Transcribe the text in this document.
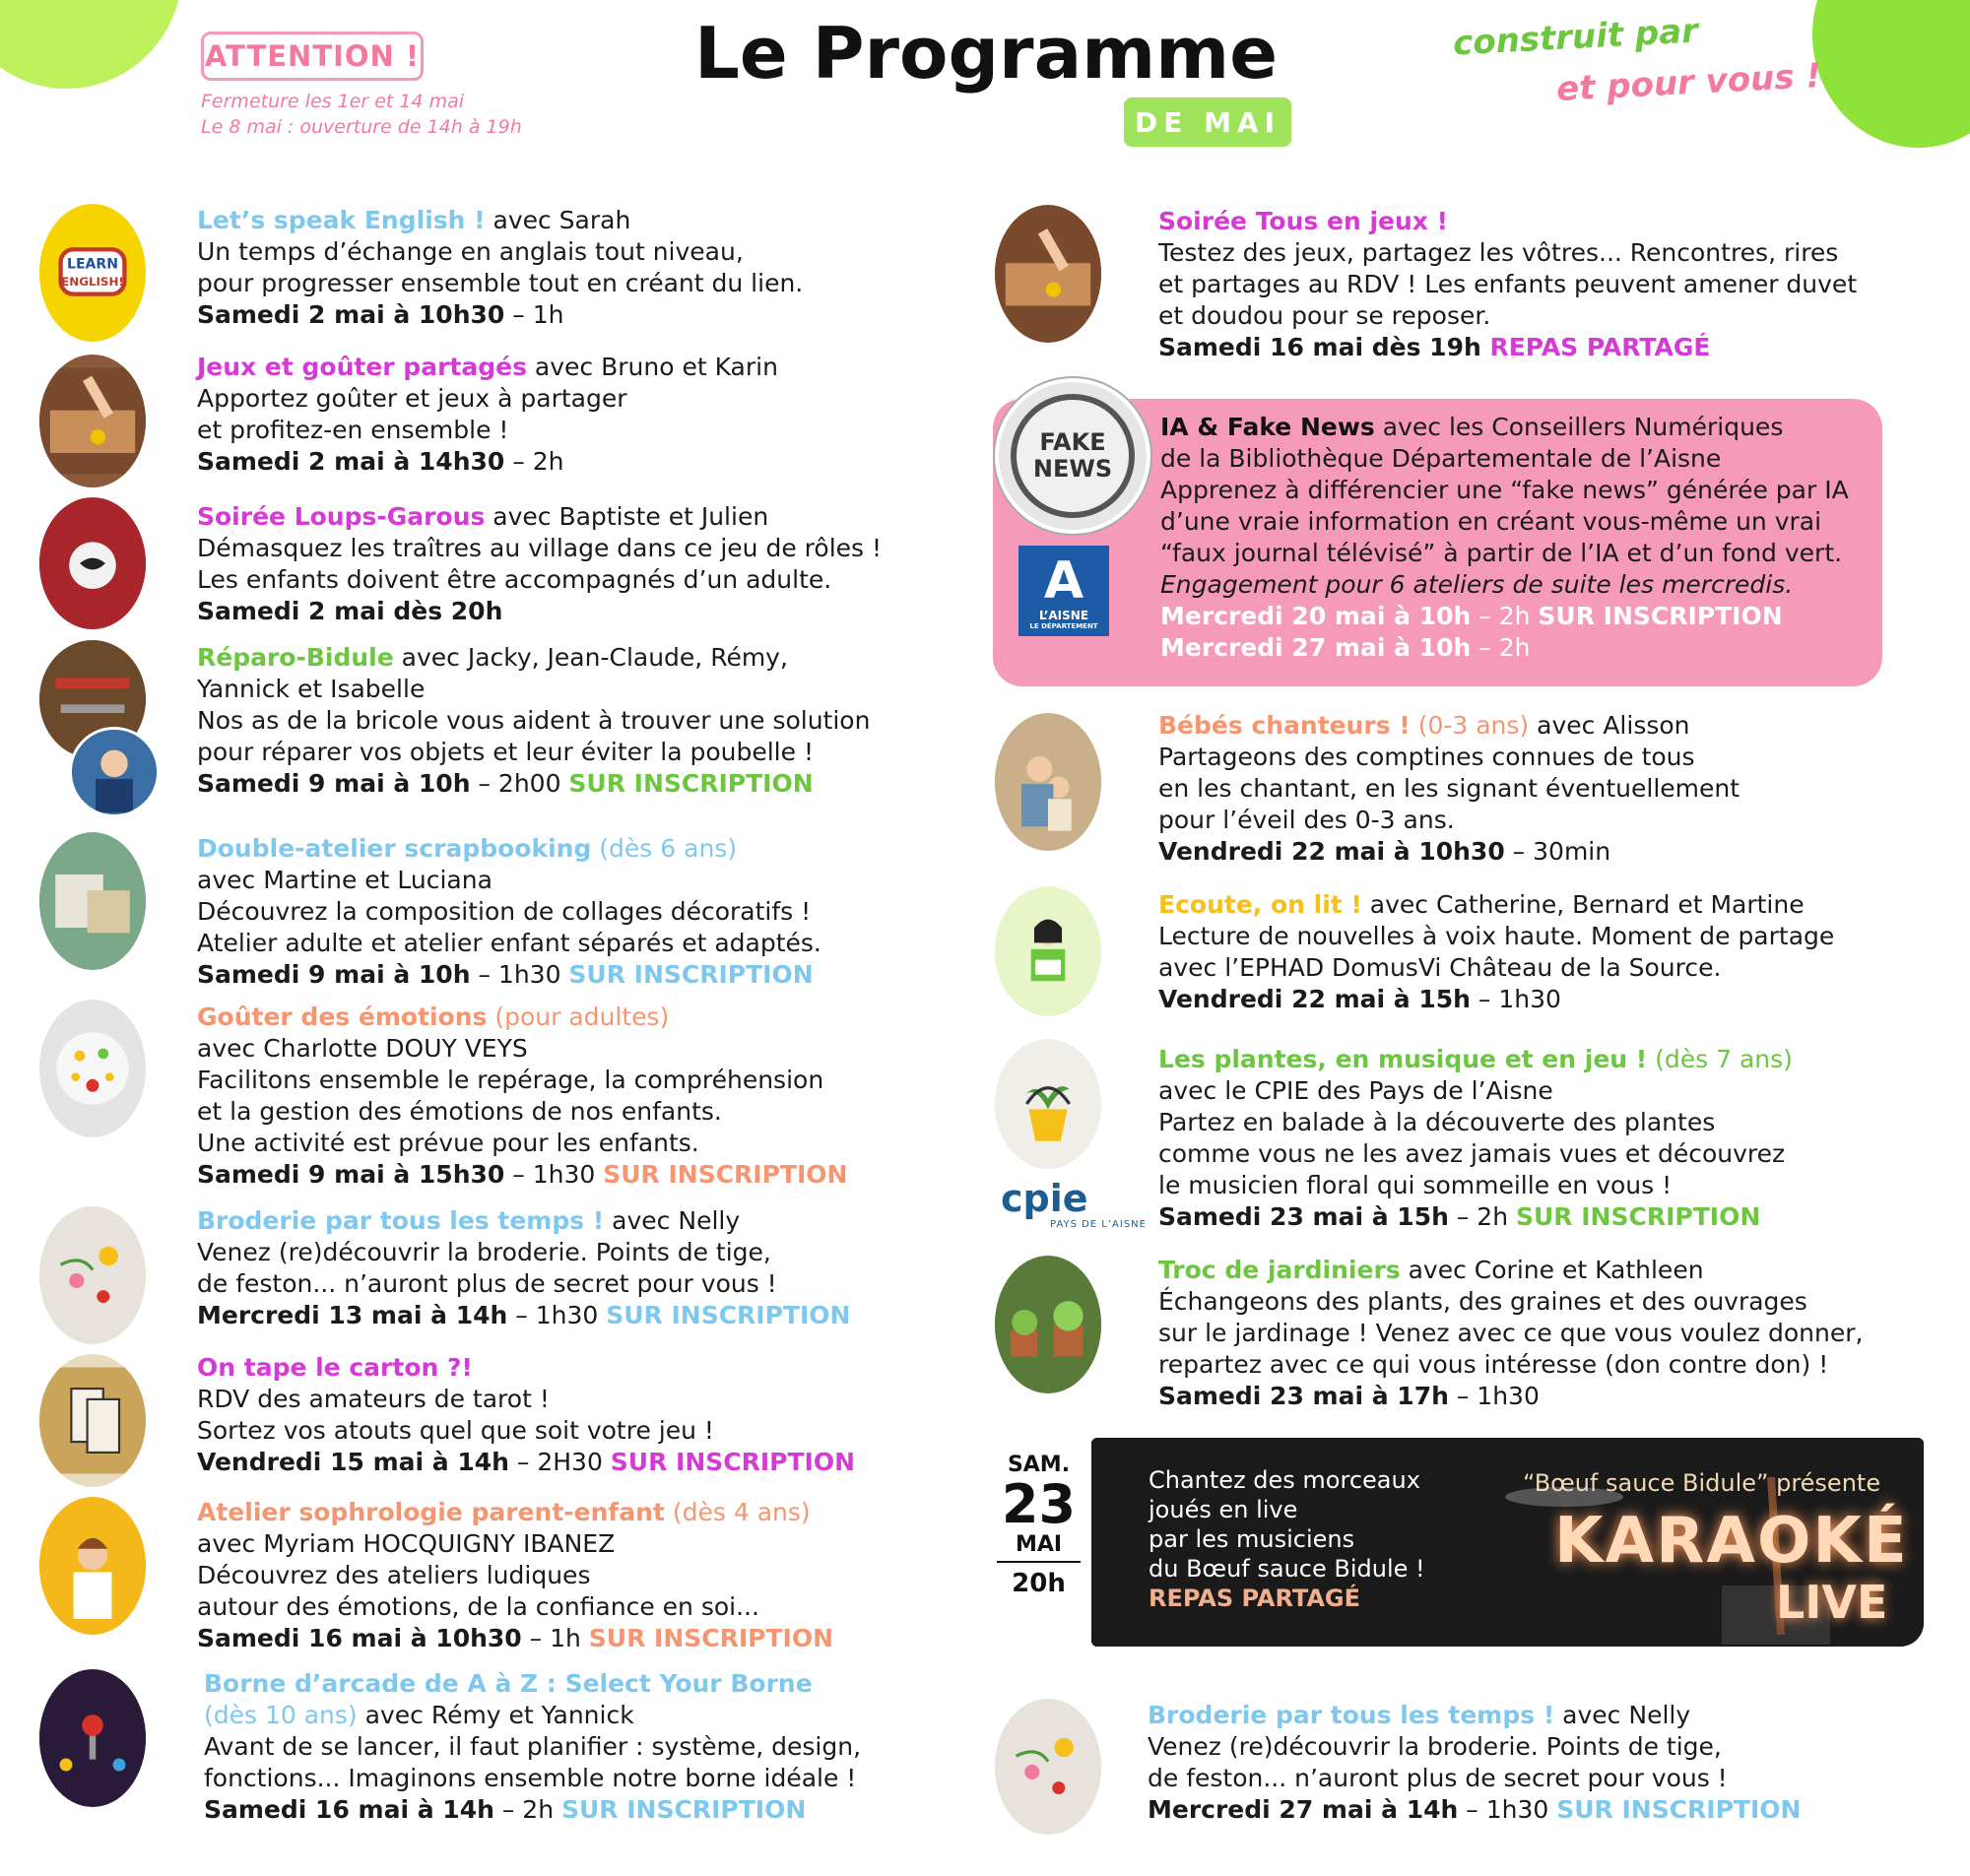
ATTENTION !
Fermeture les 1er et 14 mai
Le 8 mai : ouverture de 14h à 19h
Le Programme
DE MAI
construit par
et pour vous !
LEARN
ENGLISH!
Let’s speak English ! avec Sarah
Un temps d’échange en anglais tout niveau,
pour progresser ensemble tout en créant du lien.
Samedi 2 mai à 10h30 – 1h
Jeux et goûter partagés avec Bruno et Karin
Apportez goûter et jeux à partager
et profitez-en ensemble !
Samedi 2 mai à 14h30 – 2h
Soirée Loups-Garous avec Baptiste et Julien
Démasquez les traîtres au village dans ce jeu de rôles !
Les enfants doivent être accompagnés d’un adulte.
Samedi 2 mai dès 20h
Réparo-Bidule avec Jacky, Jean-Claude, Rémy,
Yannick et Isabelle
Nos as de la bricole vous aident à trouver une solution
pour réparer vos objets et leur éviter la poubelle !
Samedi 9 mai à 10h – 2h00 SUR INSCRIPTION
Double-atelier scrapbooking (dès 6 ans)
avec Martine et Luciana
Découvrez la composition de collages décoratifs !
Atelier adulte et atelier enfant séparés et adaptés.
Samedi 9 mai à 10h – 1h30 SUR INSCRIPTION
Goûter des émotions (pour adultes)
avec Charlotte DOUY VEYS
Facilitons ensemble le repérage, la compréhension
et la gestion des émotions de nos enfants.
Une activité est prévue pour les enfants.
Samedi 9 mai à 15h30 – 1h30 SUR INSCRIPTION
Broderie par tous les temps ! avec Nelly
Venez (re)découvrir la broderie. Points de tige,
de feston... n’auront plus de secret pour vous !
Mercredi 13 mai à 14h – 1h30 SUR INSCRIPTION
On tape le carton ?!
RDV des amateurs de tarot !
Sortez vos atouts quel que soit votre jeu !
Vendredi 15 mai à 14h – 2H30 SUR INSCRIPTION
Atelier sophrologie parent-enfant (dès 4 ans)
avec Myriam HOCQUIGNY IBANEZ
Découvrez des ateliers ludiques
autour des émotions, de la confiance en soi...
Samedi 16 mai à 10h30 – 1h SUR INSCRIPTION
Borne d’arcade de A à Z : Select Your Borne
(dès 10 ans) avec Rémy et Yannick
Avant de se lancer, il faut planifier : système, design,
fonctions... Imaginons ensemble notre borne idéale !
Samedi 16 mai à 14h – 2h SUR INSCRIPTION
Soirée Tous en jeux !
Testez des jeux, partagez les vôtres... Rencontres, rires
et partages au RDV ! Les enfants peuvent amener duvet
et doudou pour se reposer.
Samedi 16 mai dès 19h REPAS PARTAGÉ
FAKE
NEWS
A
L’AISNE
LE DÉPARTEMENT
IA & Fake News avec les Conseillers Numériques
de la Bibliothèque Départementale de l’Aisne
Apprenez à différencier une “fake news” générée par IA
d’une vraie information en créant vous-même un vrai
“faux journal télévisé” à partir de l’IA et d’un fond vert.
Engagement pour 6 ateliers de suite les mercredis.
Mercredi 20 mai à 10h – 2h SUR INSCRIPTION
Mercredi 27 mai à 10h – 2h
Bébés chanteurs ! (0-3 ans) avec Alisson
Partageons des comptines connues de tous
en les chantant, en les signant éventuellement
pour l’éveil des 0-3 ans.
Vendredi 22 mai à 10h30 – 30min
Ecoute, on lit ! avec Catherine, Bernard et Martine
Lecture de nouvelles à voix haute. Moment de partage
avec l’EPHAD DomusVi Château de la Source.
Vendredi 22 mai à 15h – 1h30
cpie
PAYS DE L’AISNE
Les plantes, en musique et en jeu ! (dès 7 ans)
avec le CPIE des Pays de l’Aisne
Partez en balade à la découverte des plantes
comme vous ne les avez jamais vues et découvrez
le musicien floral qui sommeille en vous !
Samedi 23 mai à 15h – 2h SUR INSCRIPTION
Troc de jardiniers avec Corine et Kathleen
Échangeons des plants, des graines et des ouvrages
sur le jardinage ! Venez avec ce que vous voulez donner,
repartez avec ce qui vous intéresse (don contre don) !
Samedi 23 mai à 17h – 1h30
SAM.
23
MAI
20h
Chantez des morceaux
joués en live
par les musiciens
du Bœuf sauce Bidule !
REPAS PARTAGÉ
“Bœuf sauce Bidule” présente
KARAOKÉ
LIVE
Broderie par tous les temps ! avec Nelly
Venez (re)découvrir la broderie. Points de tige,
de feston... n’auront plus de secret pour vous !
Mercredi 27 mai à 14h – 1h30 SUR INSCRIPTION
